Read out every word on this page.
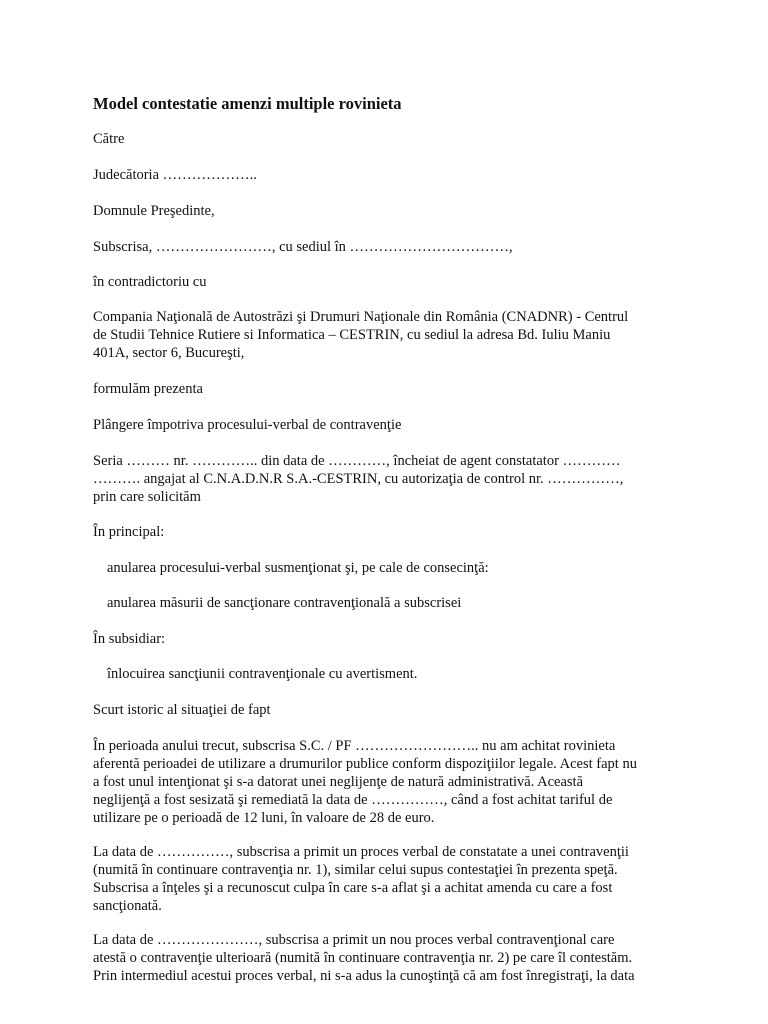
Model contestatie amenzi multiple rovinieta
Către
Judecătoria ………………..
Domnule Preşedinte,
Subscrisa, ……………………, cu sediul în ……………………………,
în contradictoriu cu
Compania Naţională de Autostrăzi şi Drumuri Naţionale din România (CNADNR) - Centrul
de Studii Tehnice Rutiere si Informatica – CESTRIN, cu sediul la adresa Bd. Iuliu Maniu
401A, sector 6, Bucureşti,
formulăm prezenta
Plângere împotriva procesului-verbal de contravenţie
Seria ……… nr. ………….. din data de …………, încheiat de agent constatator …………
………. angajat al C.N.A.D.N.R S.A.-CESTRIN, cu autorizaţia de control nr. ……………,
prin care solicităm
În principal:
anularea procesului-verbal susmenţionat şi, pe cale de consecinţă:
anularea măsurii de sancţionare contravenţională a subscrisei
În subsidiar:
înlocuirea sancţiunii contravenţionale cu avertisment.
Scurt istoric al situaţiei de fapt
În perioada anului trecut, subscrisa S.C. / PF …………………….. nu am achitat rovinieta
aferentă perioadei de utilizare a drumurilor publice conform dispoziţiilor legale. Acest fapt nu
a fost unul intenţionat şi s-a datorat unei neglijenţe de natură administrativă. Această
neglijenţă a fost sesizată şi remediată la data de ……………, când a fost achitat tariful de
utilizare pe o perioadă de 12 luni, în valoare de 28 de euro.
La data de ……………, subscrisa a primit un proces verbal de constatate a unei contravenţii
(numită în continuare contravenţia nr. 1), similar celui supus contestaţiei în prezenta speţă.
Subscrisa a înţeles şi a recunoscut culpa în care s-a aflat şi a achitat amenda cu care a fost
sancţionată.
La data de …………………, subscrisa a primit un nou proces verbal contravenţional care
atestă o contravenţie ulterioară (numită în continuare contravenţia nr. 2) pe care îl contestăm.
Prin intermediul acestui proces verbal, ni s-a adus la cunoştinţă că am fost înregistraţi, la data
